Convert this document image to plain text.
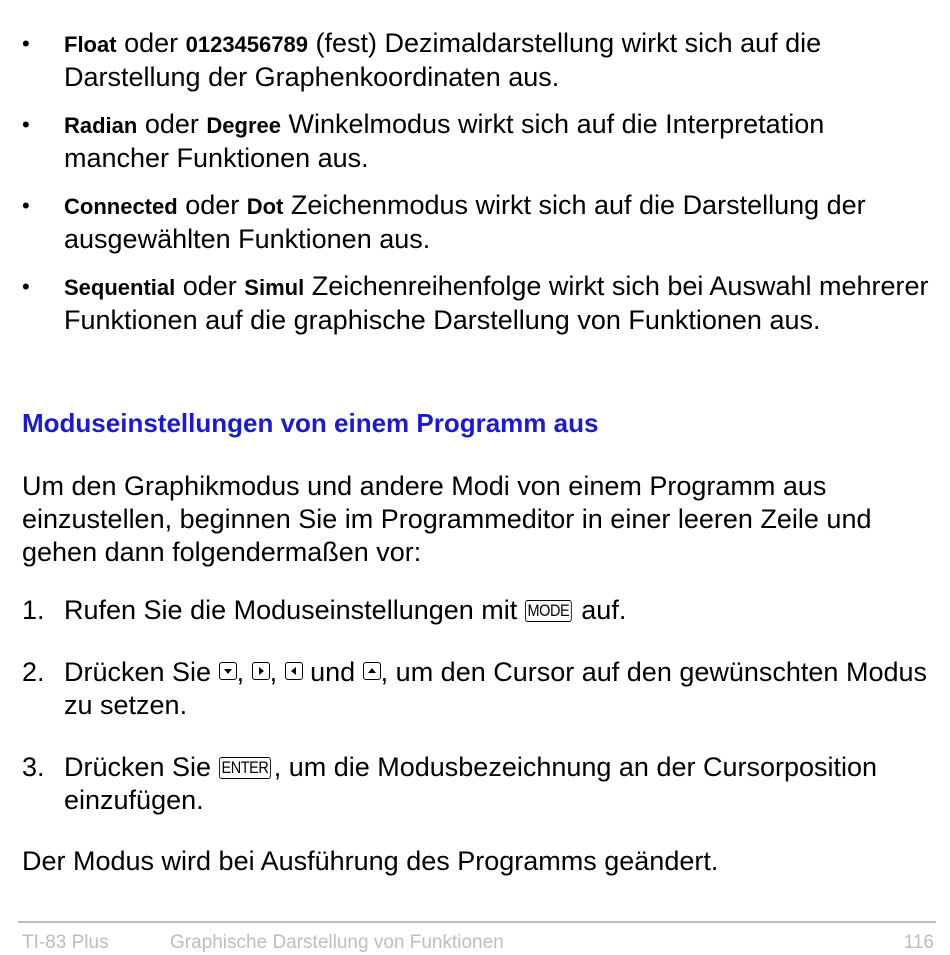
• Float oder 0123456789 (fest) Dezimaldarstellung wirkt sich auf die Darstellung der Graphenkoordinaten aus.
• Radian oder Degree Winkelmodus wirkt sich auf die Interpretation mancher Funktionen aus.
• Connected oder Dot Zeichenmodus wirkt sich auf die Darstellung der ausgewählten Funktionen aus.
• Sequential oder Simul Zeichenreihenfolge wirkt sich bei Auswahl mehrerer Funktionen auf die graphische Darstellung von Funktionen aus.
Moduseinstellungen von einem Programm aus

Um den Graphikmodus und andere Modi von einem Programm aus einzustellen, beginnen Sie im Programmeditor in einer leeren Zeile und gehen dann folgendermaßen vor:

1. Rufen Sie die Moduseinstellungen mit MODE auf.
2. Drücken Sie
,
,
und
, um den Cursor auf den gewünschten Modus zu setzen.
3. Drücken Sie ENTER , um die Modusbezeichnung an der Cursorposition einzufügen.

Der Modus wird bei Ausführung des Programms geändert.

TI-83 Plus	Graphische Darstellung von Funktionen	116
